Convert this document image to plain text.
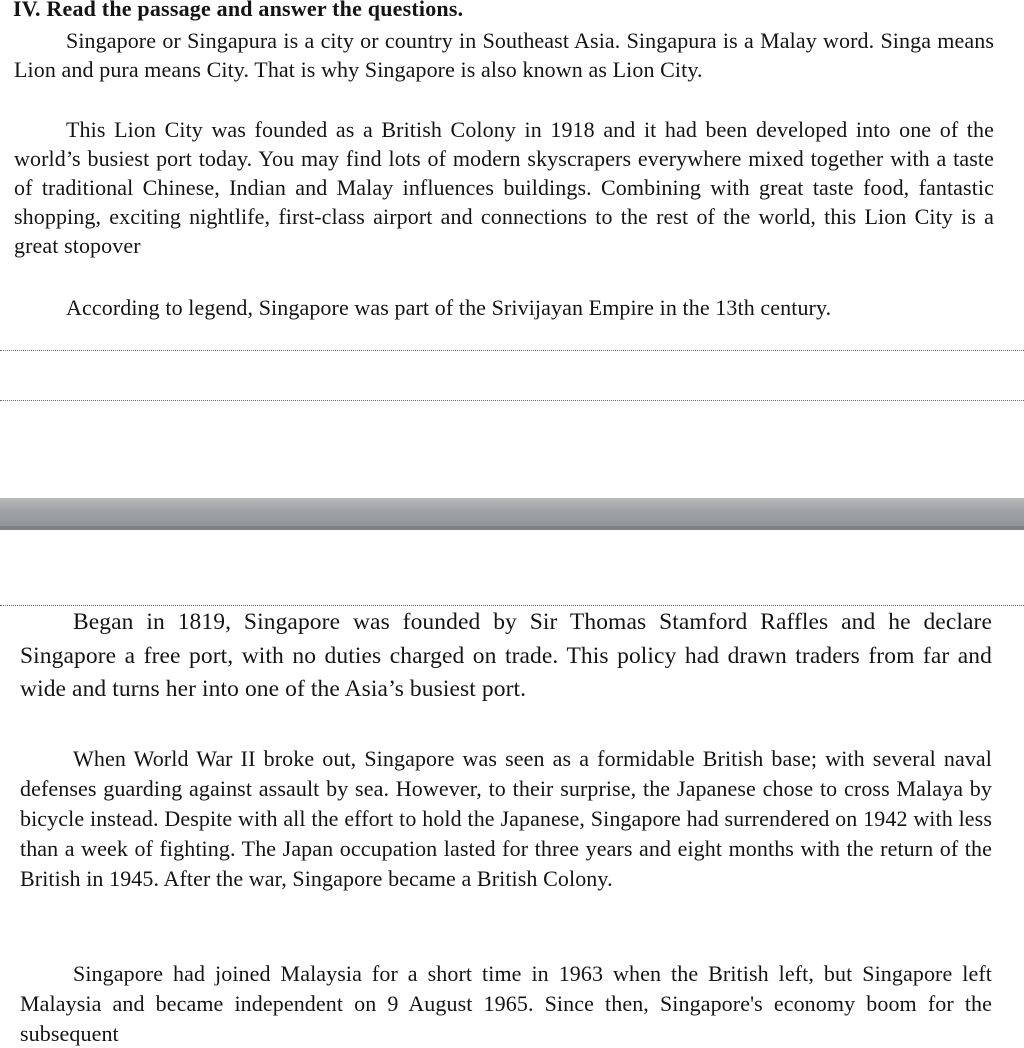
IV. Read the passage and answer the questions.

Singapore or Singapura is a city or country in Southeast Asia. Singapura is a Malay word. Singa means Lion and pura means City. That is why Singapore is also known as Lion City.

This Lion City was founded as a British Colony in 1918 and it had been developed into one of the world’s busiest port today. You may find lots of modern skyscrapers everywhere mixed together with a taste of traditional Chinese, Indian and Malay influences buildings. Combining with great taste food, fantastic shopping, exciting nightlife, first-class airport and connections to the rest of the world, this Lion City is a great stopover

According to legend, Singapore was part of the Srivijayan Empire in the 13th century.

Began in 1819, Singapore was founded by Sir Thomas Stamford Raffles and he declare Singapore a free port, with no duties charged on trade. This policy had drawn traders from far and wide and turns her into one of the Asia’s busiest port.

When World War II broke out, Singapore was seen as a formidable British base; with several naval defenses guarding against assault by sea. However, to their surprise, the Japanese chose to cross Malaya by bicycle instead. Despite with all the effort to hold the Japanese, Singapore had surrendered on 1942 with less than a week of fighting. The Japan occupation lasted for three years and eight months with the return of the British in 1945. After the war, Singapore became a British Colony.

Singapore had joined Malaysia for a short time in 1963 when the British left, but Singapore left Malaysia and became independent on 9 August 1965. Since then, Singapore's economy boom for the subsequent
